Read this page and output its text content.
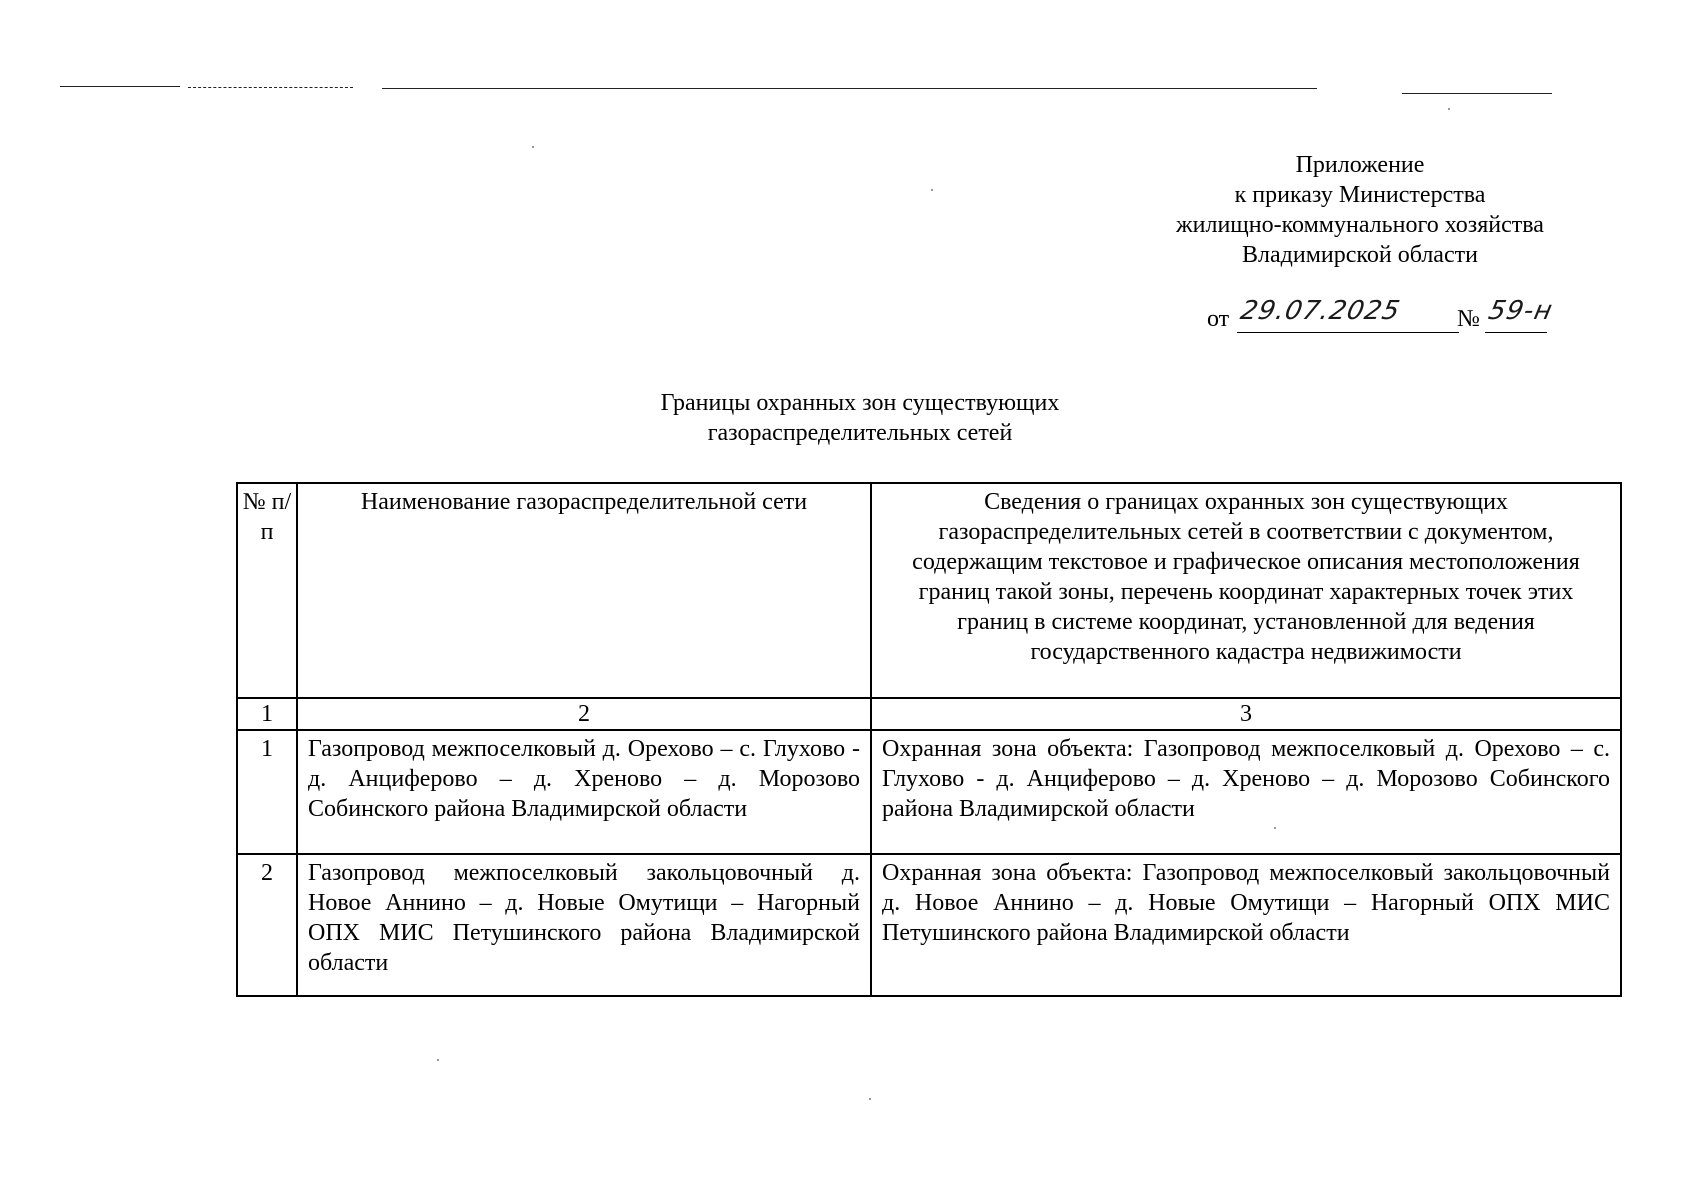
Приложение
к приказу Министерства
жилищно-коммунального хозяйства
Владимирской области
от 29.07.2025 № 59-н
Границы охранных зон существующих
газораспределительных сетей
№ п/п	Наименование газораспределительной сети	Сведения о границах охранных зон существующих газораспределительных сетей в соответствии с документом, содержащим текстовое и графическое описания местоположения границ такой зоны, перечень координат характерных точек этих границ в системе координат, установленной для ведения государственного кадастра недвижимости
1	2	3
1	Газопровод межпоселковый д. Орехово – с. Глухово - д. Анциферово – д. Хреново – д. Морозово Собинского района Владимирской области	Охранная зона объекта: Газопровод межпоселковый д. Орехово – с. Глухово - д. Анциферово – д. Хреново – д. Морозово Собинского района Владимирской области
2	Газопровод межпоселковый закольцовочный д. Новое Аннино – д. Новые Омутищи – Нагорный ОПХ МИС Петушинского района Владимирской области	Охранная зона объекта: Газопровод межпоселковый закольцовочный д. Новое Аннино – д. Новые Омутищи – Нагорный ОПХ МИС Петушинского района Владимирской области
